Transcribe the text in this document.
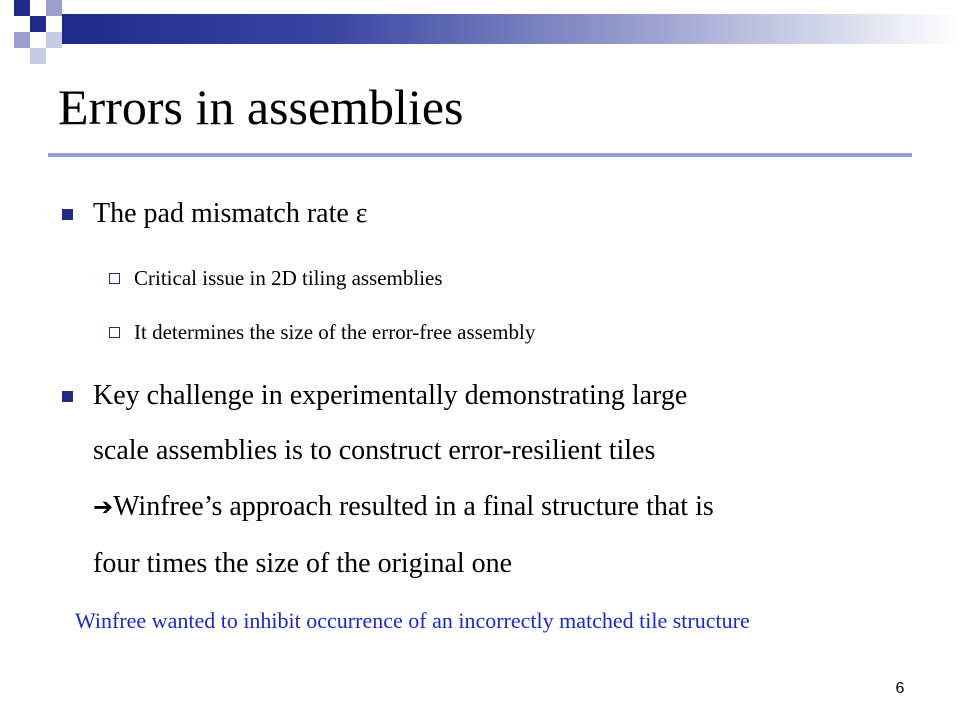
Errors in assemblies

The pad mismatch rate ε

Critical issue in 2D tiling assemblies

It determines the size of the error-free assembly

Key challenge in experimentally demonstrating large

scale assemblies is to construct error-resilient tiles

➔Winfree’s approach resulted in a final structure that is

four times the size of the original one

Winfree wanted to inhibit occurrence of an incorrectly matched tile structure

6
